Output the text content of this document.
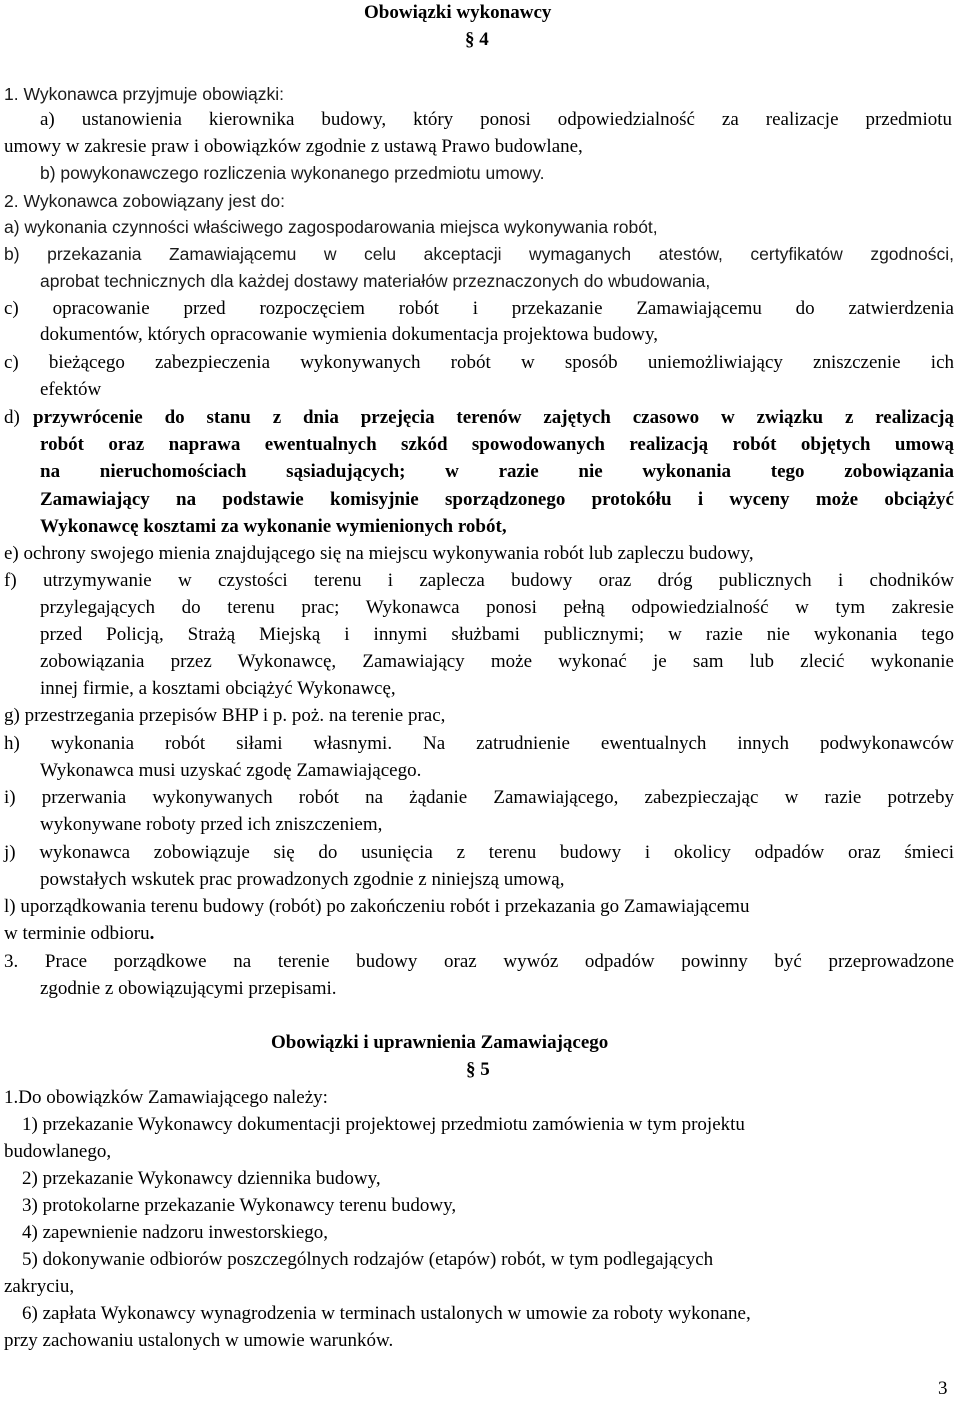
Obowiązki wykonawcy
§ 4
1. Wykonawca przyjmuje obowiązki:
a) ustanowienia kierownika budowy, który ponosi odpowiedzialność za realizacje przedmiotu
umowy w zakresie praw i obowiązków zgodnie z ustawą Prawo budowlane,
b) powykonawczego rozliczenia wykonanego przedmiotu umowy.
2. Wykonawca zobowiązany jest do:
a) wykonania czynności właściwego zagospodarowania miejsca wykonywania robót,
b) przekazania Zamawiającemu w celu akceptacji wymaganych atestów, certyfikatów zgodności,
aprobat technicznych dla każdej dostawy materiałów przeznaczonych do wbudowania,
c) opracowanie przed rozpoczęciem robót i przekazanie Zamawiającemu do zatwierdzenia
dokumentów, których opracowanie wymienia dokumentacja projektowa budowy,
c) bieżącego zabezpieczenia wykonywanych robót w sposób uniemożliwiający zniszczenie ich
efektów
d) przywrócenie do stanu z dnia przejęcia terenów zajętych czasowo w związku z realizacją
robót oraz naprawa ewentualnych szkód spowodowanych realizacją robót objętych umową
na nieruchomościach sąsiadujących; w razie nie wykonania tego zobowiązania
Zamawiający na podstawie komisyjnie sporządzonego protokółu i wyceny może obciążyć
Wykonawcę kosztami za wykonanie wymienionych robót,
e) ochrony swojego mienia znajdującego się na miejscu wykonywania robót lub zapleczu budowy,
f) utrzymywanie w czystości terenu i zaplecza budowy oraz dróg publicznych i chodników
przylegających do terenu prac; Wykonawca ponosi pełną odpowiedzialność w tym zakresie
przed Policją, Strażą Miejską i innymi służbami publicznymi; w razie nie wykonania tego
zobowiązania przez Wykonawcę, Zamawiający może wykonać je sam lub zlecić wykonanie
innej firmie, a kosztami obciążyć Wykonawcę,
g) przestrzegania przepisów BHP i p. poż. na terenie prac,
h) wykonania robót siłami własnymi. Na zatrudnienie ewentualnych innych podwykonawców
Wykonawca musi uzyskać zgodę Zamawiającego.
i) przerwania wykonywanych robót na żądanie Zamawiającego, zabezpieczając w razie potrzeby
wykonywane roboty przed ich zniszczeniem,
j) wykonawca zobowiązuje się do usunięcia z terenu budowy i okolicy odpadów oraz śmieci
powstałych wskutek prac prowadzonych zgodnie z niniejszą umową,
l) uporządkowania terenu budowy (robót) po zakończeniu robót i przekazania go Zamawiającemu
w terminie odbioru.
3. Prace porządkowe na terenie budowy oraz wywóz odpadów powinny być przeprowadzone
zgodnie z obowiązującymi przepisami.
Obowiązki i uprawnienia Zamawiającego
§ 5
1.Do obowiązków Zamawiającego należy:
1) przekazanie Wykonawcy dokumentacji projektowej przedmiotu zamówienia w tym projektu
budowlanego,
2) przekazanie Wykonawcy dziennika budowy,
3) protokolarne przekazanie Wykonawcy terenu budowy,
4) zapewnienie nadzoru inwestorskiego,
5) dokonywanie odbiorów poszczególnych rodzajów (etapów) robót, w tym podlegających
zakryciu,
6) zapłata Wykonawcy wynagrodzenia w terminach ustalonych w umowie za roboty wykonane,
przy zachowaniu ustalonych w umowie warunków.
3
